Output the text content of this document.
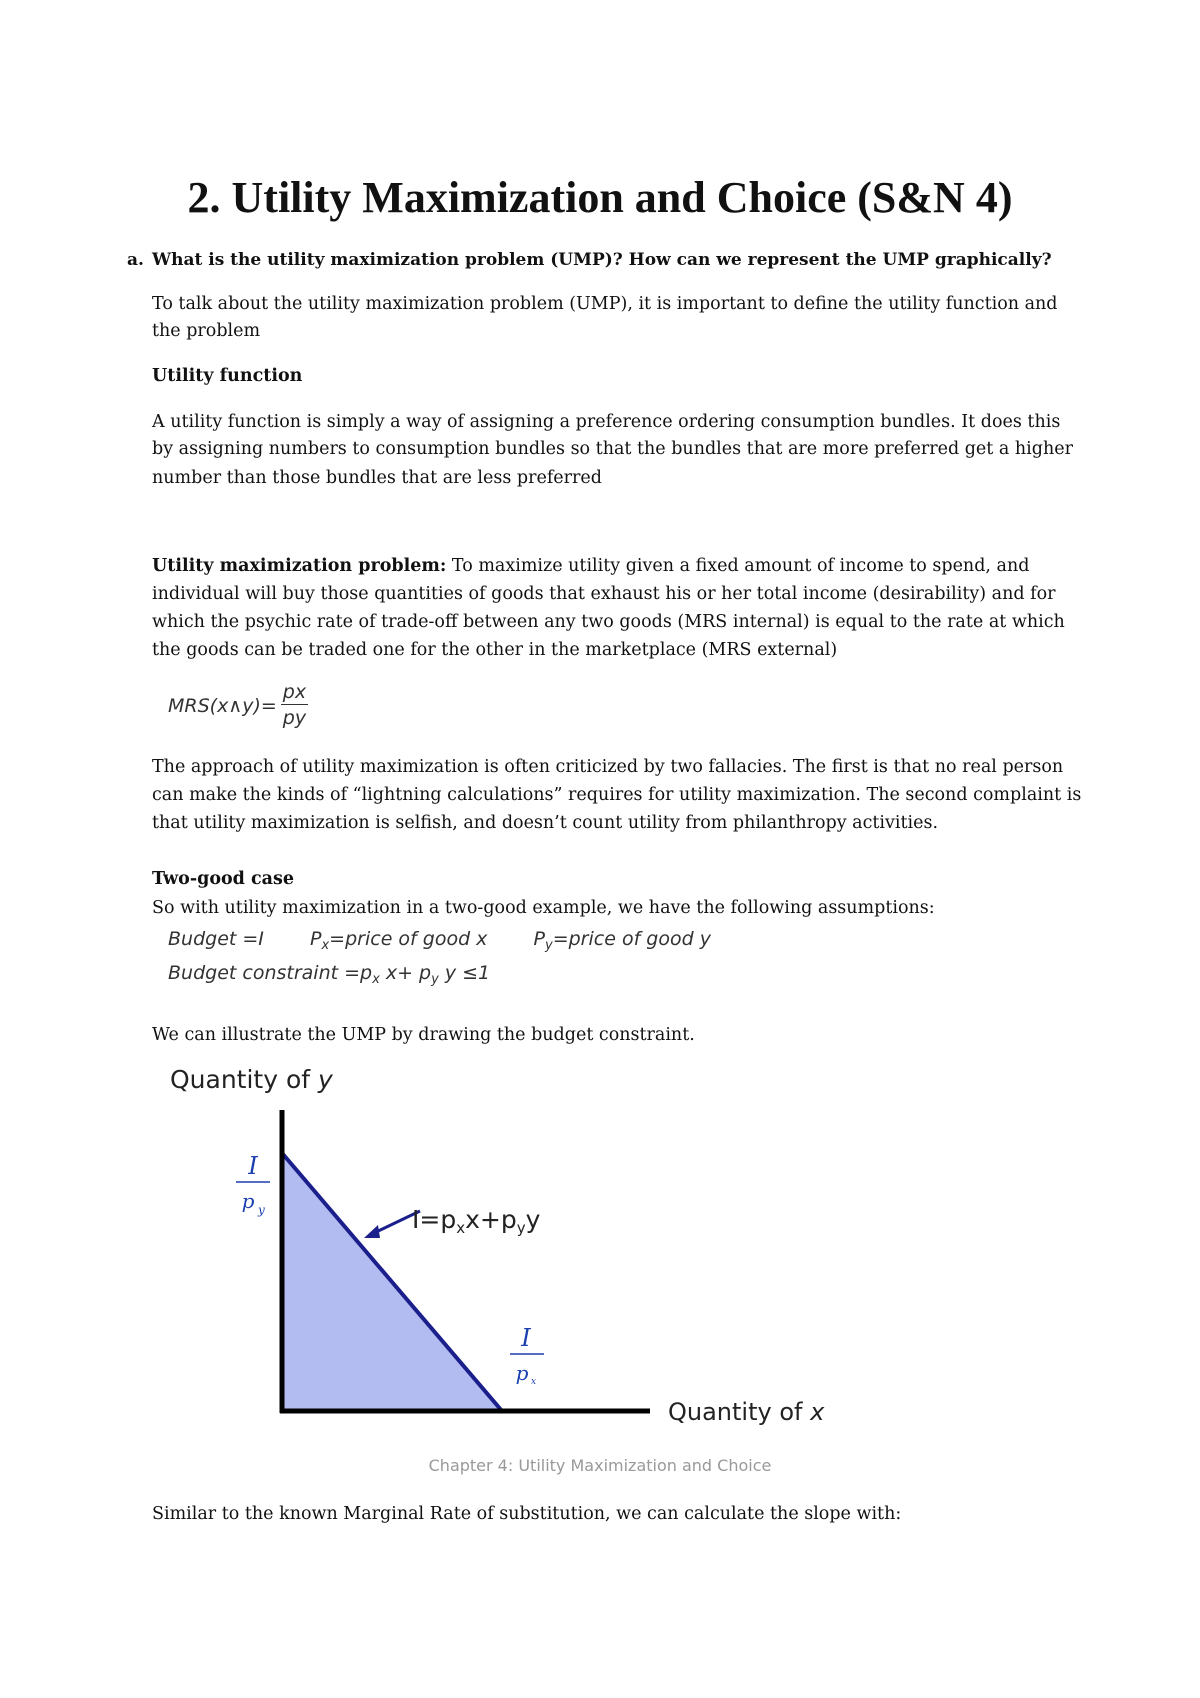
2. Utility Maximization and Choice (S&N 4)
a. What is the utility maximization problem (UMP)? How can we represent the UMP graphically?

To talk about the utility maximization problem (UMP), it is important to define the utility function and

the problem

Utility function

A utility function is simply a way of assigning a preference ordering consumption bundles. It does this

by assigning numbers to consumption bundles so that the bundles that are more preferred get a higher

number than those bundles that are less preferred

Utility maximization problem: To maximize utility given a fixed amount of income to spend, and

individual will buy those quantities of goods that exhaust his or her total income (desirability) and for

which the psychic rate of trade-off between any two goods (MRS internal) is equal to the rate at which

the goods can be traded one for the other in the marketplace (MRS external)

MRS(x∧y)= $\frac{px}{py}$

The approach of utility maximization is often criticized by two fallacies. The first is that no real person

can make the kinds of “lightning calculations” requires for utility maximization. The second complaint is

that utility maximization is selfish, and doesn’t count utility from philanthropy activities.

Two-good case

So with utility maximization in a two-good example, we have the following assumptions:

Budget =I $P_x=price$ of good x $P_y=price$ of good y
Budget constraint $=p_x$ $x+ p_y$ y ≤1

We can illustrate the UMP by drawing the budget constraint.

Quantity of y
I
p y	$I=p_xx+p_yy$
I
p x
Quantity of x
Chapter 4: Utility Maximization and Choice

Similar to the known Marginal Rate of substitution, we can calculate the slope with:
